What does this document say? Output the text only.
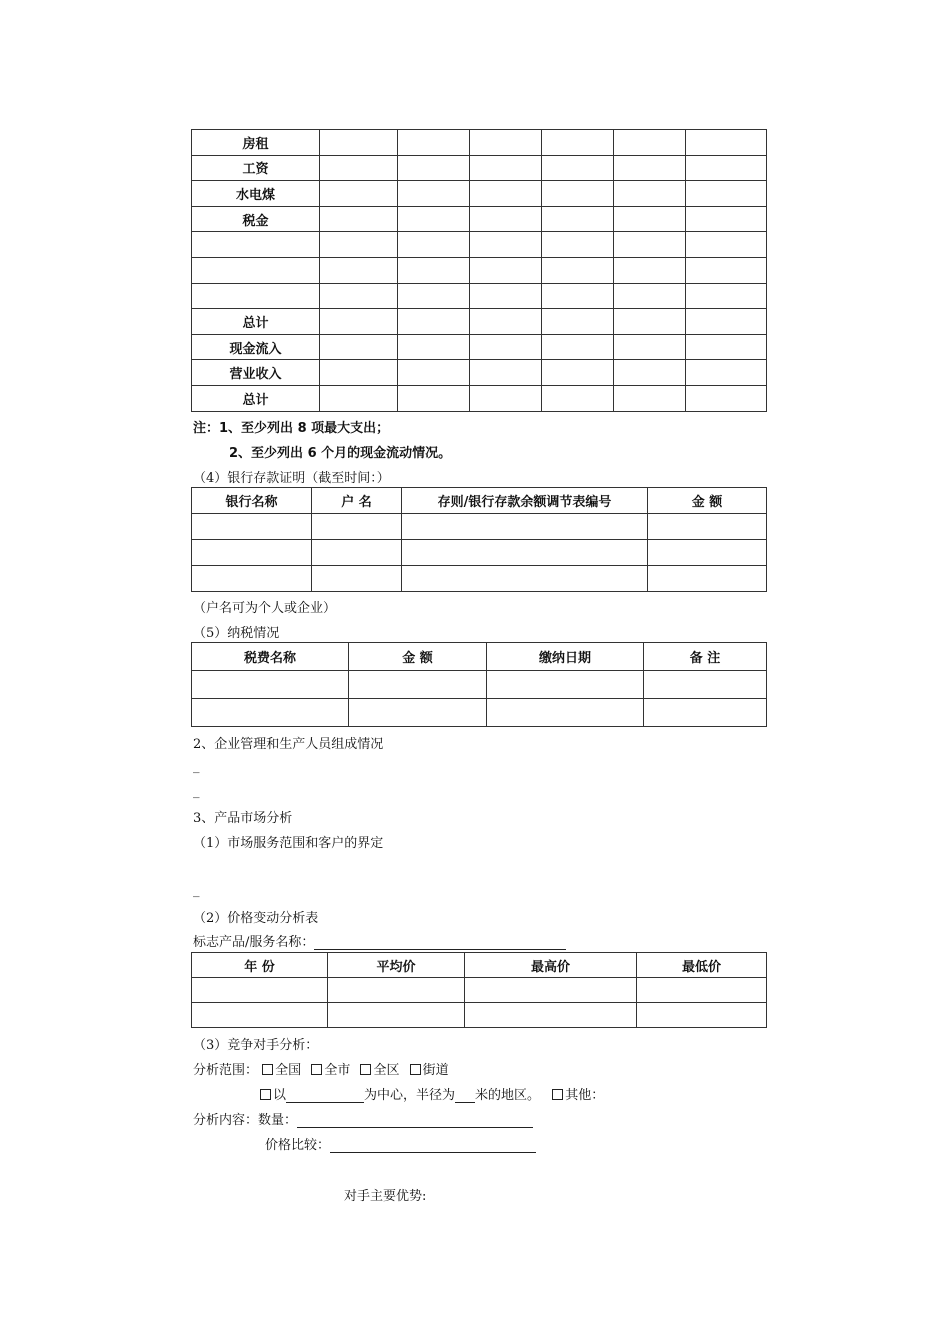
房租						
工资						
水电煤						
税金						

总计						
现金流入						
营业收入						
总计						
注：1、至少列出 8 项最大支出；
2、至少列出 6 个月的现金流动情况。
（4）银行存款证明（截至时间：）
银行名称	户 名	存则/银行存款余额调节表编号	金 额

（户名可为个人或企业）
（5）纳税情况
税费名称	金 额	缴纳日期	备 注

2、企业管理和生产人员组成情况
_
_
3、产品市场分析
（1）市场服务范围和客户的界定
_
（2）价格变动分析表
标志产品/服务名称：
年 份	平均价	最高价	最低价

（3）竞争对手分析：
分析范围： 全国 全市 全区 街道
以	为中心，半径为 米的地区。 其他：
分析内容：数量：
价格比较：
对手主要优势:
